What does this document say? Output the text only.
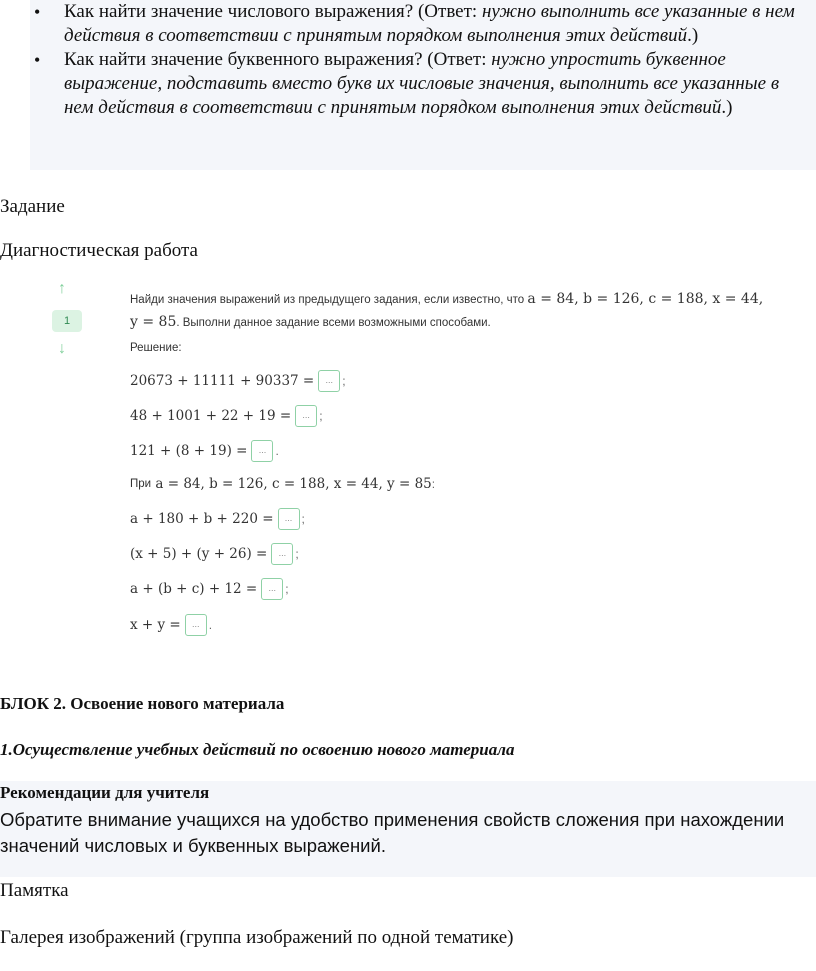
• Как найти значение числового выражения? (Ответ: нужно выполнить все указанные в нем действия в соответствии с принятым порядком выполнения этих действий.)
• Как найти значение буквенного выражения? (Ответ: нужно упростить буквенное выражение, подставить вместо букв их числовые значения, выполнить все указанные в нем действия в соответствии с принятым порядком выполнения этих действий.)
Задание
Диагностическая работа
↑
1
↓
Найди значения выражений из предыдущего задания, если известно, что a = 84, b = 126, c = 188, x = 44, y = 85. Выполни данное задание всеми возможными способами.
Решение:
20673 + 11111 + 90337 =	... ;
48 + 1001 + 22 + 19 =	... ;
121 + (8 + 19) =	... .
При
a = 84, b = 126, c = 188, x = 44, y = 85 :
a + 180 + b + 220 =	... ;
(x + 5) + (y + 26) =	... ;
a + (b + c) + 12 =	... ;
x + y =	... .
БЛОК 2. Освоение нового материала
1.Осуществление учебных действий по освоению нового материала
Рекомендации для учителя
Обратите внимание учащихся на удобство применения свойств сложения при нахождении значений числовых и буквенных выражений.
Памятка
Галерея изображений (группа изображений по одной тематике)
